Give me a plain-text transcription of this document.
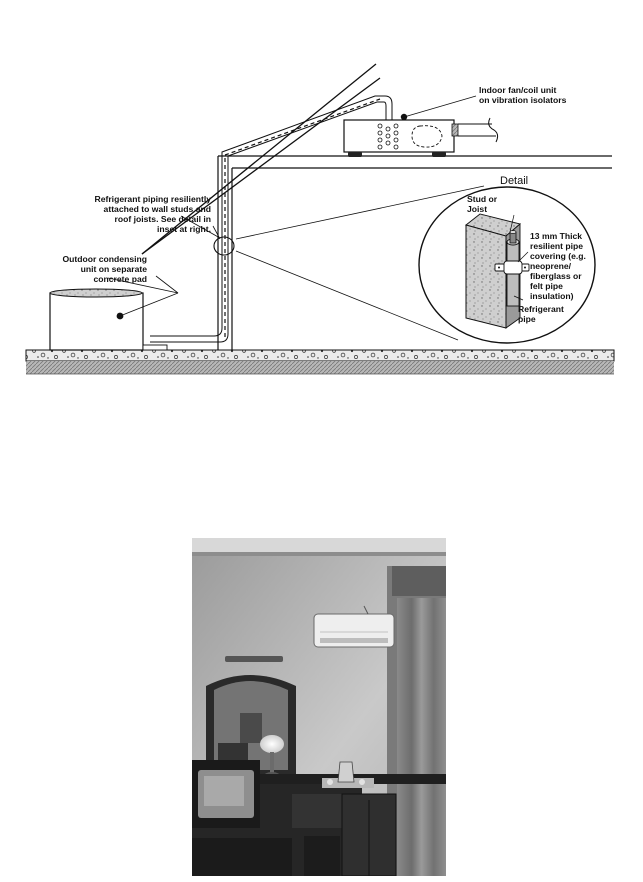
Indoor fan/coil unit on vibration isolators
Refrigerant piping resiliently attached to wall studs and roof joists. See detail in inset at right.
Outdoor condensing unit on separate concrete pad
Detail
Stud or Joist
13 mm Thick resilient pipe covering (e.g. neoprene/ fiberglass or felt pipe insulation)
Refrigerant pipe
